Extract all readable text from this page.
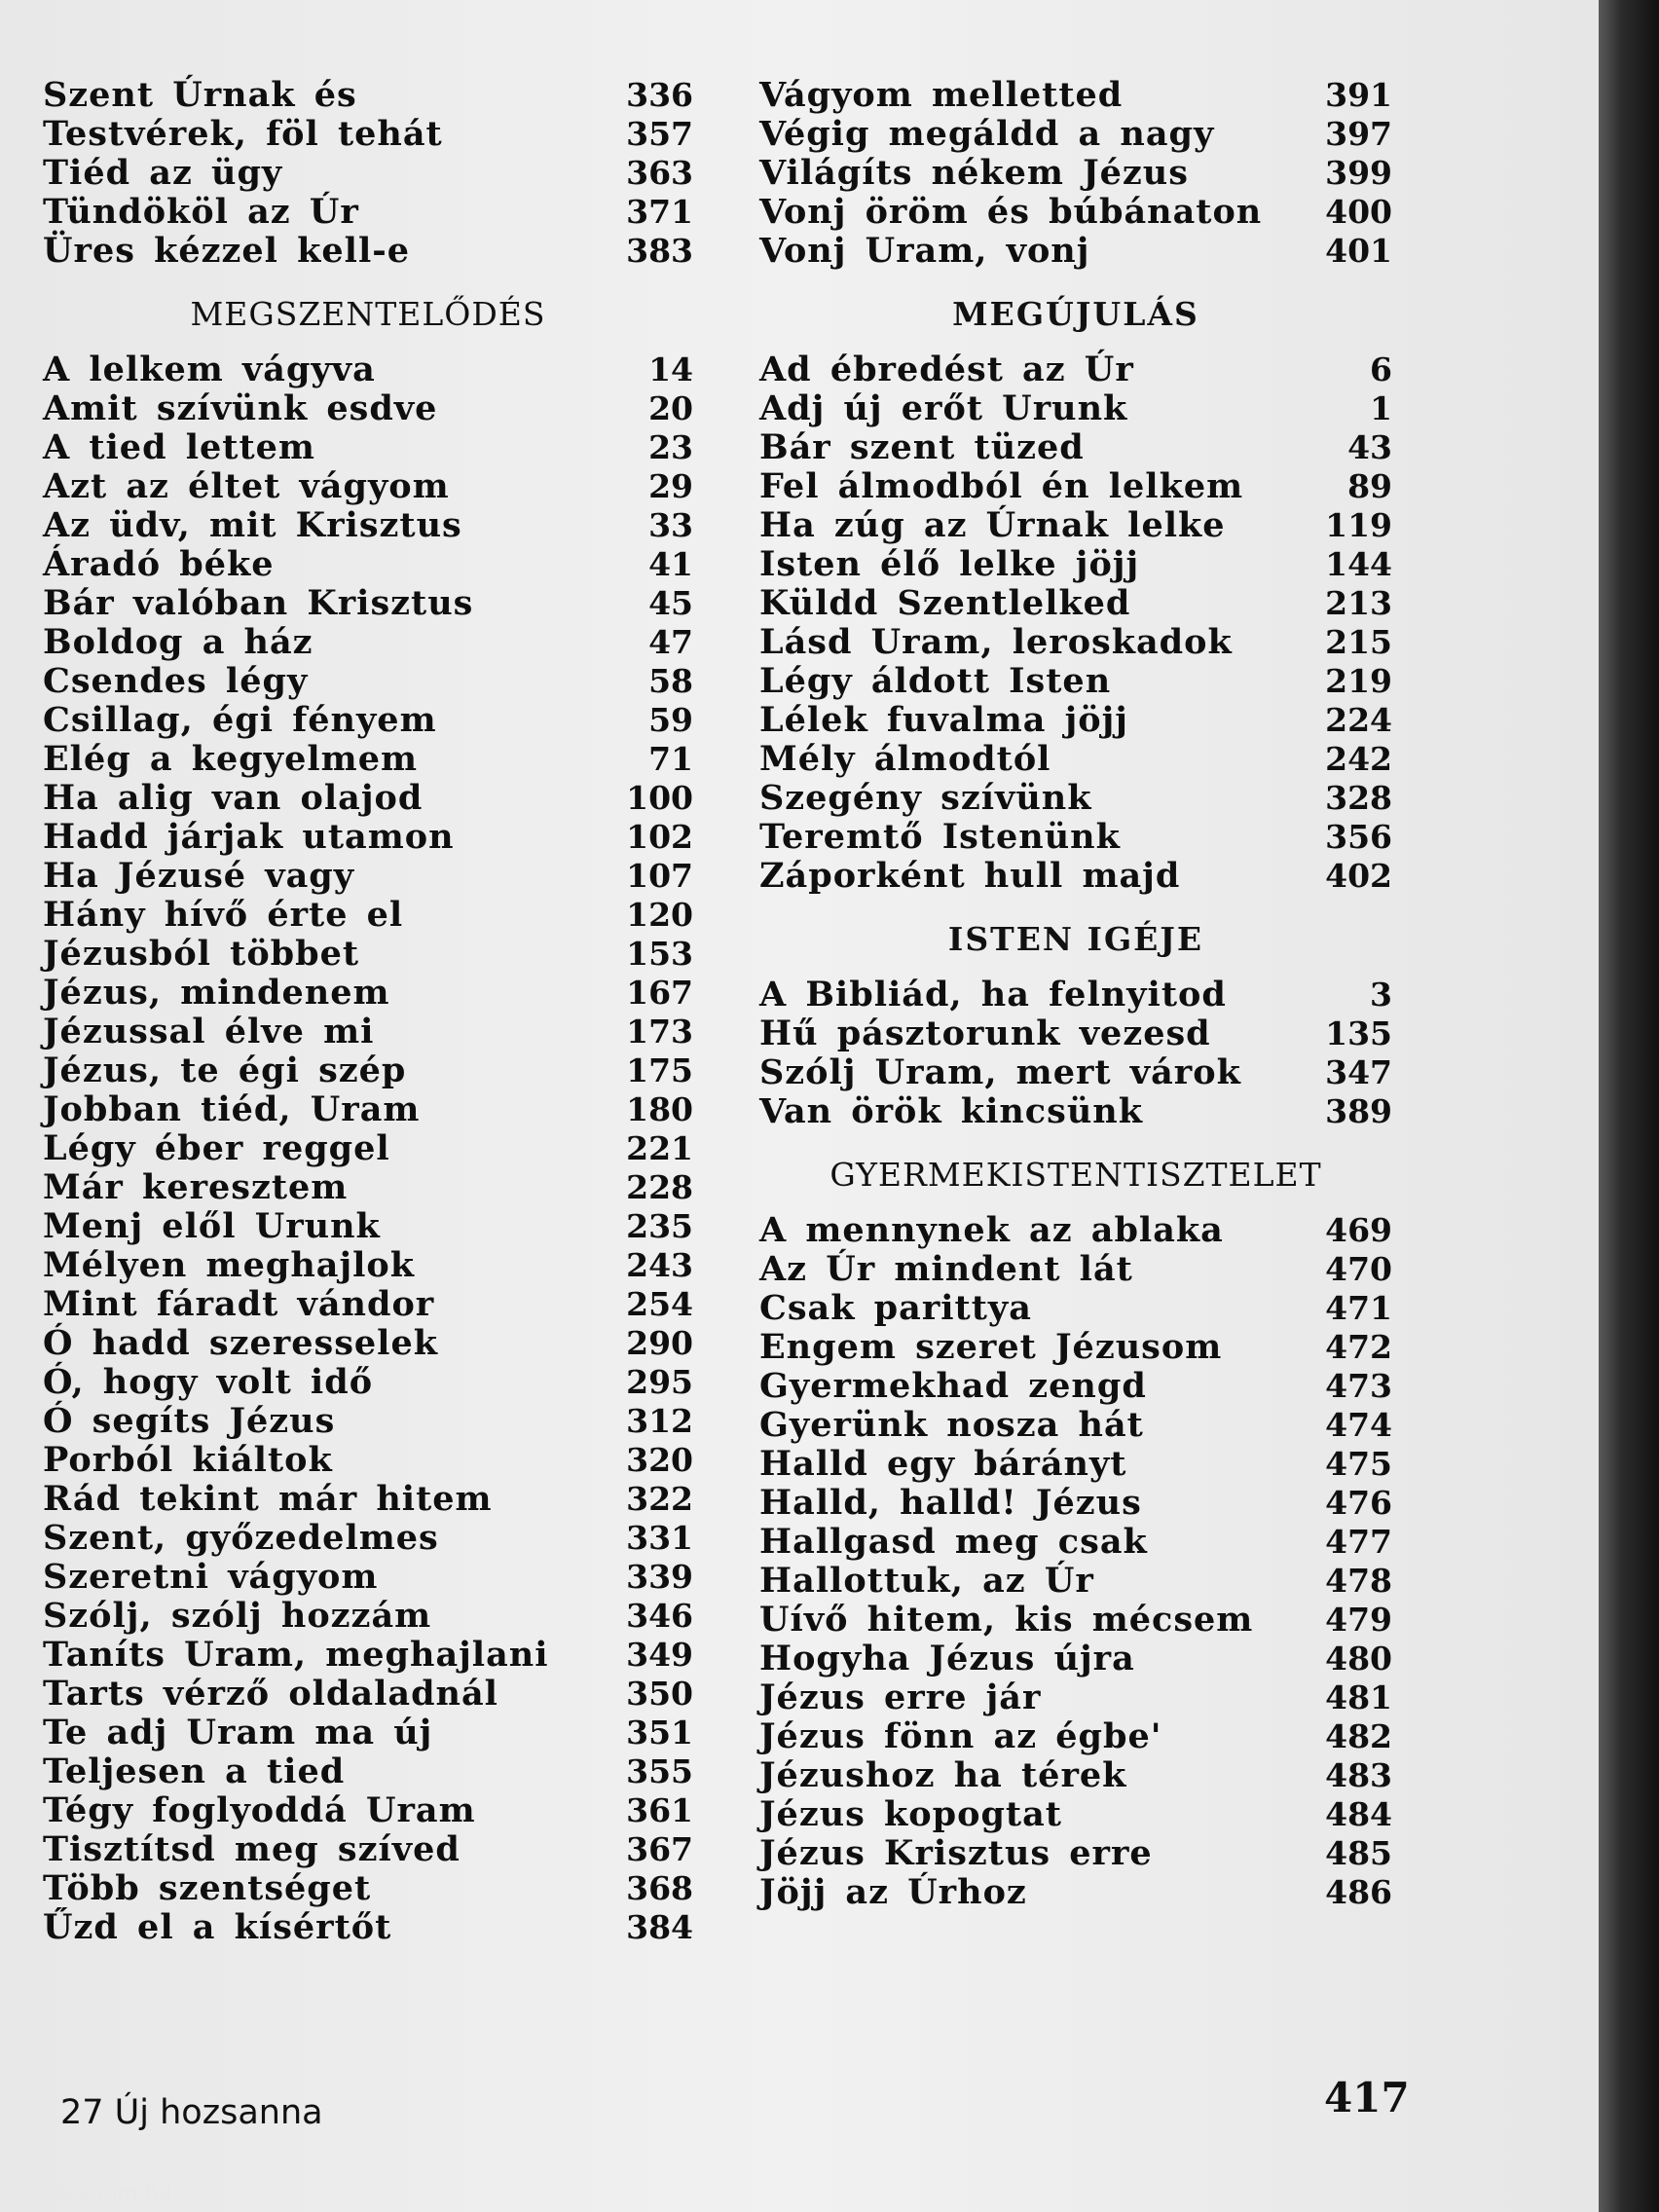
Szent Úrnak és	336
Testvérek, föl tehát	357
Tiéd az ügy	363
Tündököl az Úr	371
Üres kézzel kell-e	383
MEGSZENTELŐDÉS
A lelkem vágyva	14
Amit szívünk esdve	20
A tied lettem	23
Azt az éltet vágyom	29
Az üdv, mit Krisztus	33
Áradó béke	41
Bár valóban Krisztus	45
Boldog a ház	47
Csendes légy	58
Csillag, égi fényem	59
Elég a kegyelmem	71
Ha alig van olajod	100
Hadd járjak utamon	102
Ha Jézusé vagy	107
Hány hívő érte el	120
Jézusból többet	153
Jézus, mindenem	167
Jézussal élve mi	173
Jézus, te égi szép	175
Jobban tiéd, Uram	180
Légy éber reggel	221
Már keresztem	228
Menj elől Urunk	235
Mélyen meghajlok	243
Mint fáradt vándor	254
Ó hadd szeresselek	290
Ó, hogy volt idő	295
Ó segíts Jézus	312
Porból kiáltok	320
Rád tekint már hitem	322
Szent, győzedelmes	331
Szeretni vágyom	339
Szólj, szólj hozzám	346
Taníts Uram, meghajlani 349
Tarts vérző oldaladnál	350
Te adj Uram ma új	351
Teljesen a tied	355
Tégy foglyoddá Uram	361
Tisztítsd meg szíved	367
Több szentséget	368
Űzd el a kísértőt	384
Vágyom melletted	391
Végig megáldd a nagy	397
Világíts nékem Jézus	399
Vonj öröm és búbánaton 400
Vonj Uram, vonj	401
MEGÚJULÁS
Ad ébredést az Úr	6
Adj új erőt Urunk	1
Bár szent tüzed	43
Fel álmodból én lelkem	89
Ha zúg az Úrnak lelke	119
Isten élő lelke jöjj	144
Küldd Szentlelked	213
Lásd Uram, leroskadok	215
Légy áldott Isten	219
Lélek fuvalma jöjj	224
Mély álmodtól	242
Szegény szívünk	328
Teremtő Istenünk	356
Záporként hull majd	402
ISTEN IGÉJE
A Bibliád, ha felnyitod	3
Hű pásztorunk vezesd	135
Szólj Uram, mert várok	347
Van örök kincsünk	389
GYERMEKISTENTISZTELET
A mennynek az ablaka	469
Az Úr mindent lát	470
Csak parittya	471
Engem szeret Jézusom	472
Gyermekhad zengd	473
Gyerünk nosza hát	474
Halld egy bárányt	475
Halld, halld! Jézus	476
Hallgasd meg csak	477
Hallottuk, az Úr	478
Uívő hitem, kis mécsem 479
Hogyha Jézus újra	480
Jézus erre jár	481
Jézus fönn az égbe'	482
Jézushoz ha térek	483
Jézus kopogtat	484
Jézus Krisztus erre	485
Jöjj az Úrhoz	486
27 Új hozsanna	417
Antikvárium.hu
